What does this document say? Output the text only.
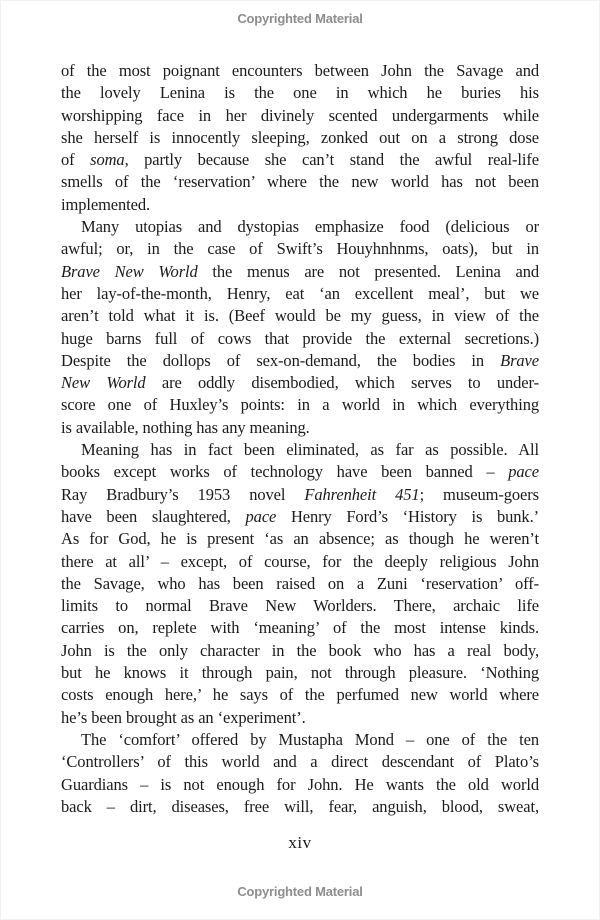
Copyrighted Material
of the most poignant encounters between John the Savage and
the lovely Lenina is the one in which he buries his
worshipping face in her divinely scented undergarments while
she herself is innocently sleeping, zonked out on a strong dose
of soma, partly because she can’t stand the awful real-life
smells of the ‘reservation’ where the new world has not been
implemented.
Many utopias and dystopias emphasize food (delicious or
awful; or, in the case of Swift’s Houyhnhnms, oats), but in
Brave New World the menus are not presented. Lenina and
her lay-of-the-month, Henry, eat ‘an excellent meal’, but we
aren’t told what it is. (Beef would be my guess, in view of the
huge barns full of cows that provide the external secretions.)
Despite the dollops of sex-on-demand, the bodies in Brave
New World are oddly disembodied, which serves to under-
score one of Huxley’s points: in a world in which everything
is available, nothing has any meaning.
Meaning has in fact been eliminated, as far as possible. All
books except works of technology have been banned – pace
Ray Bradbury’s 1953 novel Fahrenheit 451; museum-goers
have been slaughtered, pace Henry Ford’s ‘History is bunk.’
As for God, he is present ‘as an absence; as though he weren’t
there at all’ – except, of course, for the deeply religious John
the Savage, who has been raised on a Zuni ‘reservation’ off-
limits to normal Brave New Worlders. There, archaic life
carries on, replete with ‘meaning’ of the most intense kinds.
John is the only character in the book who has a real body,
but he knows it through pain, not through pleasure. ‘Nothing
costs enough here,’ he says of the perfumed new world where
he’s been brought as an ‘experiment’.
The ‘comfort’ offered by Mustapha Mond – one of the ten
‘Controllers’ of this world and a direct descendant of Plato’s
Guardians – is not enough for John. He wants the old world
back – dirt, diseases, free will, fear, anguish, blood, sweat,
xiv
Copyrighted Material
